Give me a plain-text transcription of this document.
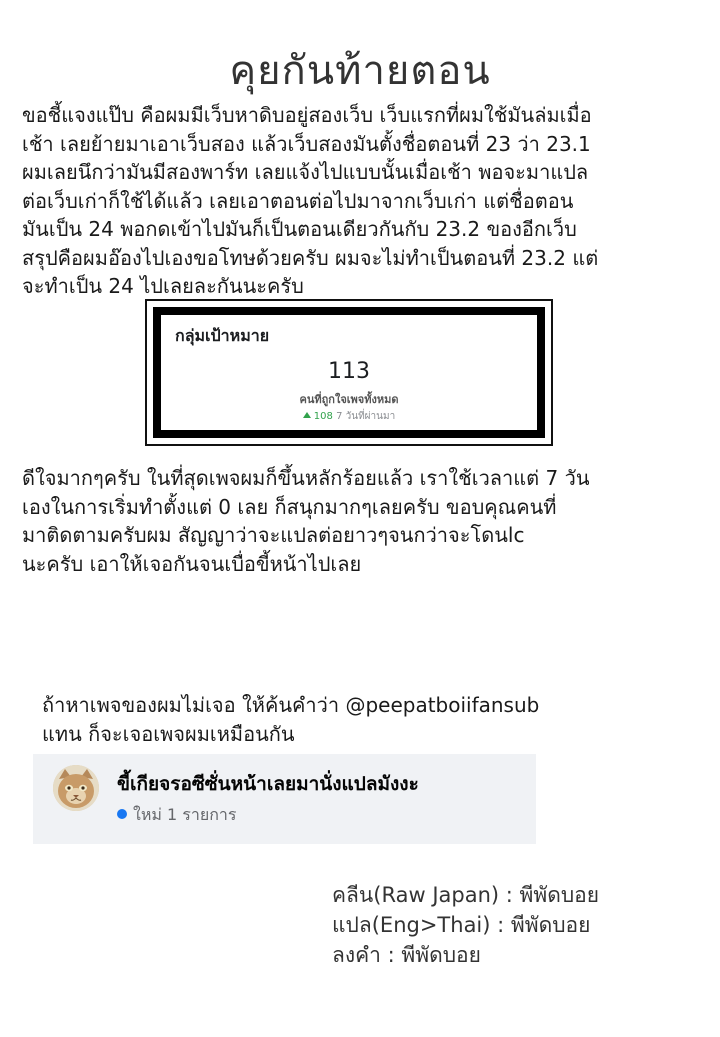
คุยกันท้ายตอน
ขอชี้แจงแป๊บ คือผมมีเว็บหาดิบอยู่สองเว็บ เว็บแรกที่ผมใช้มันล่มเมื่อ
เช้า เลยย้ายมาเอาเว็บสอง แล้วเว็บสองมันตั้งชื่อตอนที่ 23 ว่า 23.1
ผมเลยนึกว่ามันมีสองพาร์ท เลยแจ้งไปแบบนั้นเมื่อเช้า พอจะมาแปล
ต่อเว็บเก่าก็ใช้ได้แล้ว เลยเอาตอนต่อไปมาจากเว็บเก่า แต่ชื่อตอน
มันเป็น 24 พอกดเข้าไปมันก็เป็นตอนเดียวกันกับ 23.2 ของอีกเว็บ
สรุปคือผมอ๊องไปเองขอโทษด้วยครับ ผมจะไม่ทำเป็นตอนที่ 23.2 แต่
จะทำเป็น 24 ไปเลยละกันนะครับ
กลุ่มเป้าหมาย
113
คนที่ถูกใจเพจทั้งหมด
108 7 วันที่ผ่านมา
ดีใจมากๆครับ ในที่สุดเพจผมก็ขึ้นหลักร้อยแล้ว เราใช้เวลาแต่ 7 วัน
เองในการเริ่มทำตั้งแต่ 0 เลย ก็สนุกมากๆเลยครับ ขอบคุณคนที่
มาติดตามครับผม สัญญาว่าจะแปลต่อยาวๆจนกว่าจะโดนlc
นะครับ เอาให้เจอกันจนเบื่อขี้หน้าไปเลย
ถ้าหาเพจของผมไม่เจอ ให้ค้นคำว่า @peepatboiifansub
แทน ก็จะเจอเพจผมเหมือนกัน
ขี้เกียจรอซีซั่นหน้าเลยมานั่งแปลมังงะ
ใหม่ 1 รายการ
คลีน(Raw Japan) : พีพัดบอย
แปล(Eng>Thai) : พีพัดบอย
ลงคำ : พีพัดบอย
